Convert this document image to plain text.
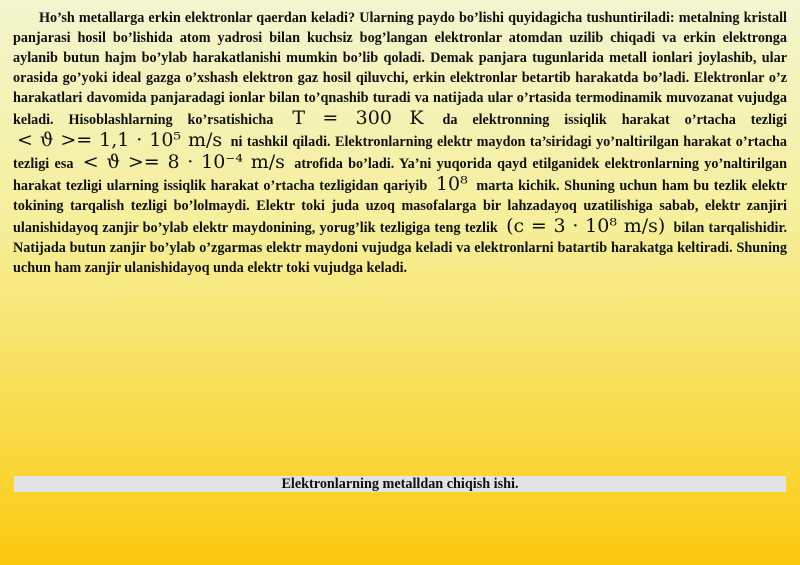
Ho’sh metallarga erkin elektronlar qaerdan keladi? Ularning paydo bo’lishi quyidagicha tushuntiriladi: metalning kristall panjarasi hosil bo’lishida atom yadrosi bilan kuchsiz bog’langan elektronlar atomdan uzilib chiqadi va erkin elektronga aylanib butun hajm bo’ylab harakatlanishi mumkin bo’lib qoladi. Demak panjara tugunlarida metall ionlari joylashib, ular orasida go’yoki ideal gazga o’xshash elektron gaz hosil qiluvchi, erkin elektronlar betartib harakatda bo’ladi. Elektronlar o’z harakatlari davomida panjaradagi ionlar bilan to’qnashib turadi va natijada ular o’rtasida termodinamik muvozanat vujudga keladi. Hisoblashlarning ko’rsatishicha T = 300 K da elektronning issiqlik harakat o’rtacha tezligi < ϑ >= 1,1 · 10⁵ m/s ni tashkil qiladi. Elektronlarning elektr maydon ta’siridagi yo’naltirilgan harakat o’rtacha tezligi esa < ϑ >= 8 · 10⁻⁴ m/s atrofida bo’ladi. Ya’ni yuqorida qayd etilganidek elektronlarning yo’naltirilgan harakat tezligi ularning issiqlik harakat o’rtacha tezligidan qariyib 10⁸ marta kichik. Shuning uchun ham bu tezlik elektr tokining tarqalish tezligi bo’lolmaydi. Elektr toki juda uzoq masofalarga bir lahzadayoq uzatilishiga sabab, elektr zanjiri ulanishidayoq zanjir bo’ylab elektr maydonining, yorug’lik tezligiga teng tezlik (c = 3 · 10⁸ m/s) bilan tarqalishidir. Natijada butun zanjir bo’ylab o’zgarmas elektr maydoni vujudga keladi va elektronlarni batartib harakatga keltiradi. Shuning uchun ham zanjir ulanishidayoq unda elektr toki vujudga keladi.
Elektronlarning metalldan chiqish ishi.
